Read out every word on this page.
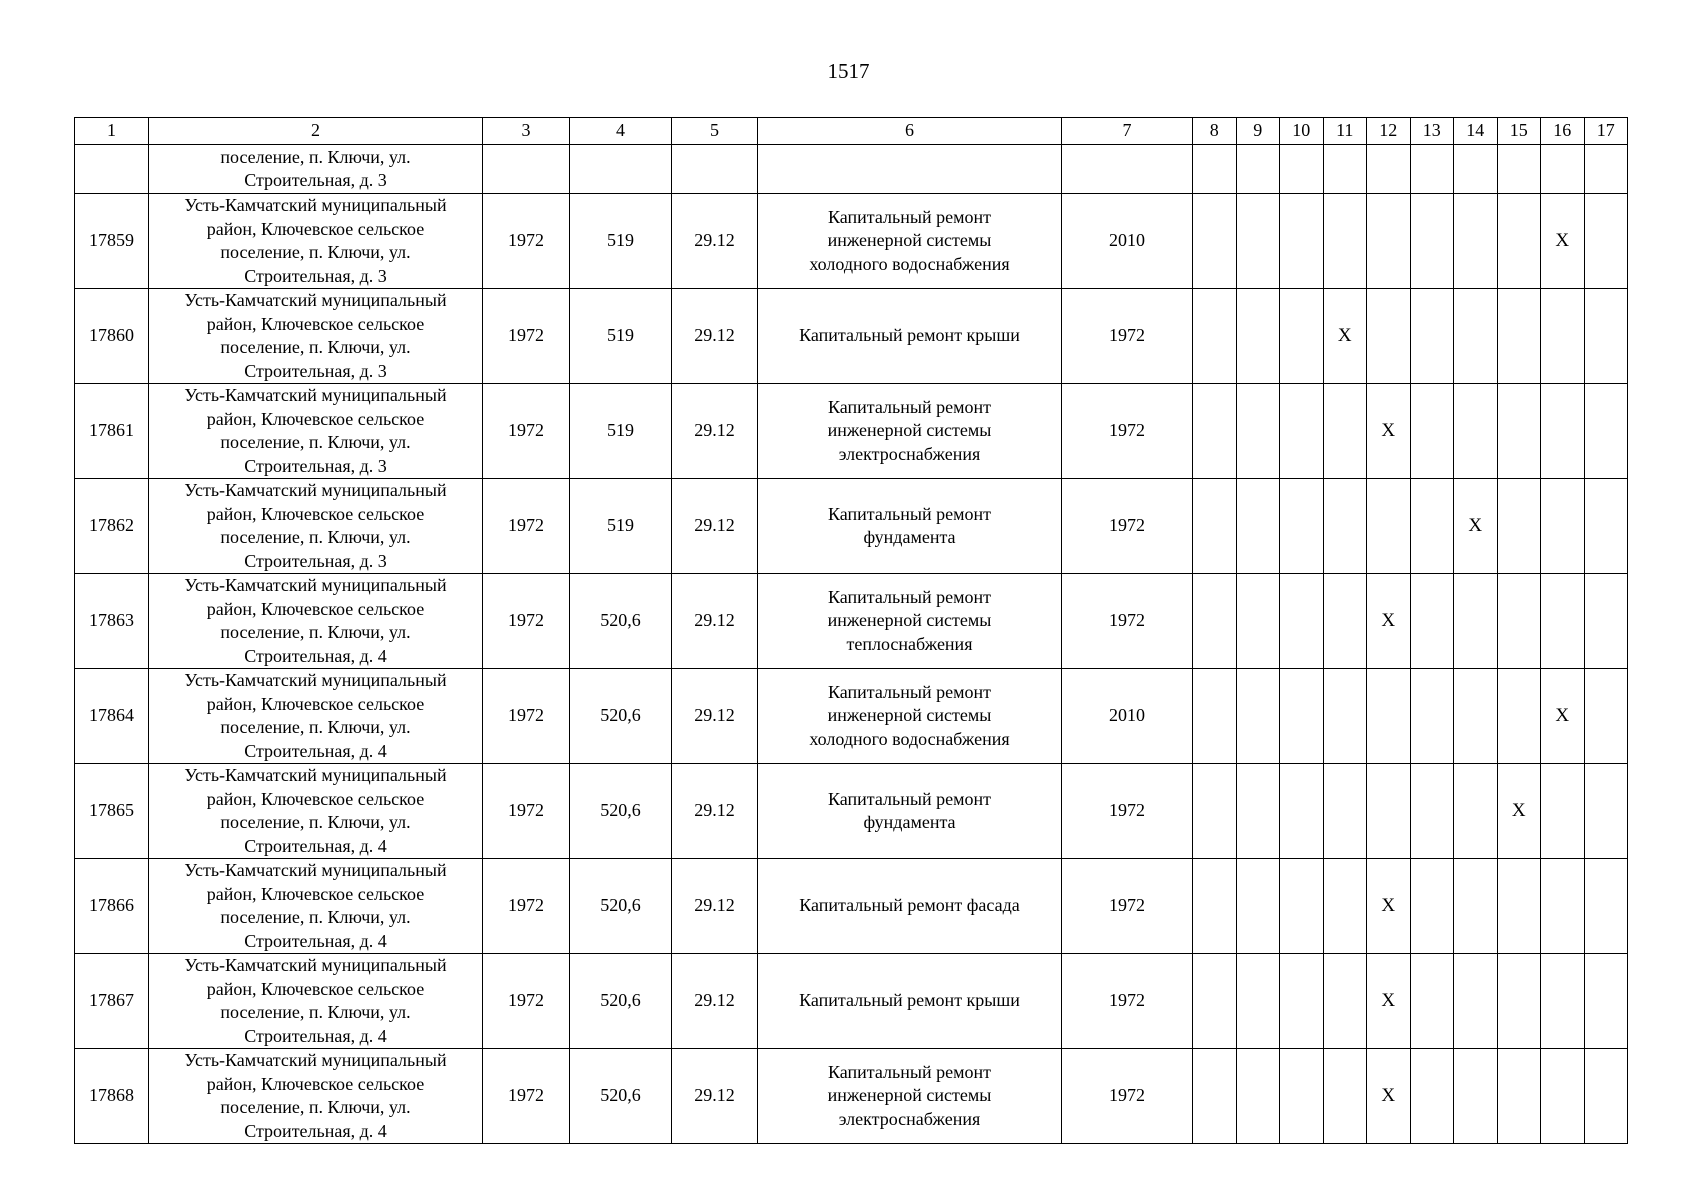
1517
1	2	3	4	5	6	7	8	9	10	11	12	13	14	15	16	17
	поселение, п. Ключи, ул.
Строительная, д. 3															
17859	Усть-Камчатский муниципальный
район, Ключевское сельское
поселение, п. Ключи, ул.
Строительная, д. 3	1972	519	29.12	Капитальный ремонт
инженерной системы
холодного водоснабжения	2010									X	
17860	Усть-Камчатский муниципальный
район, Ключевское сельское
поселение, п. Ключи, ул.
Строительная, д. 3	1972	519	29.12	Капитальный ремонт крыши	1972				X						
17861	Усть-Камчатский муниципальный
район, Ключевское сельское
поселение, п. Ключи, ул.
Строительная, д. 3	1972	519	29.12	Капитальный ремонт
инженерной системы
электроснабжения	1972					X					
17862	Усть-Камчатский муниципальный
район, Ключевское сельское
поселение, п. Ключи, ул.
Строительная, д. 3	1972	519	29.12	Капитальный ремонт
фундамента	1972							X			
17863	Усть-Камчатский муниципальный
район, Ключевское сельское
поселение, п. Ключи, ул.
Строительная, д. 4	1972	520,6	29.12	Капитальный ремонт
инженерной системы
теплоснабжения	1972					X					
17864	Усть-Камчатский муниципальный
район, Ключевское сельское
поселение, п. Ключи, ул.
Строительная, д. 4	1972	520,6	29.12	Капитальный ремонт
инженерной системы
холодного водоснабжения	2010									X	
17865	Усть-Камчатский муниципальный
район, Ключевское сельское
поселение, п. Ключи, ул.
Строительная, д. 4	1972	520,6	29.12	Капитальный ремонт
фундамента	1972								X		
17866	Усть-Камчатский муниципальный
район, Ключевское сельское
поселение, п. Ключи, ул.
Строительная, д. 4	1972	520,6	29.12	Капитальный ремонт фасада	1972					X					
17867	Усть-Камчатский муниципальный
район, Ключевское сельское
поселение, п. Ключи, ул.
Строительная, д. 4	1972	520,6	29.12	Капитальный ремонт крыши	1972					X					
17868	Усть-Камчатский муниципальный
район, Ключевское сельское
поселение, п. Ключи, ул.
Строительная, д. 4	1972	520,6	29.12	Капитальный ремонт
инженерной системы
электроснабжения	1972					X					
